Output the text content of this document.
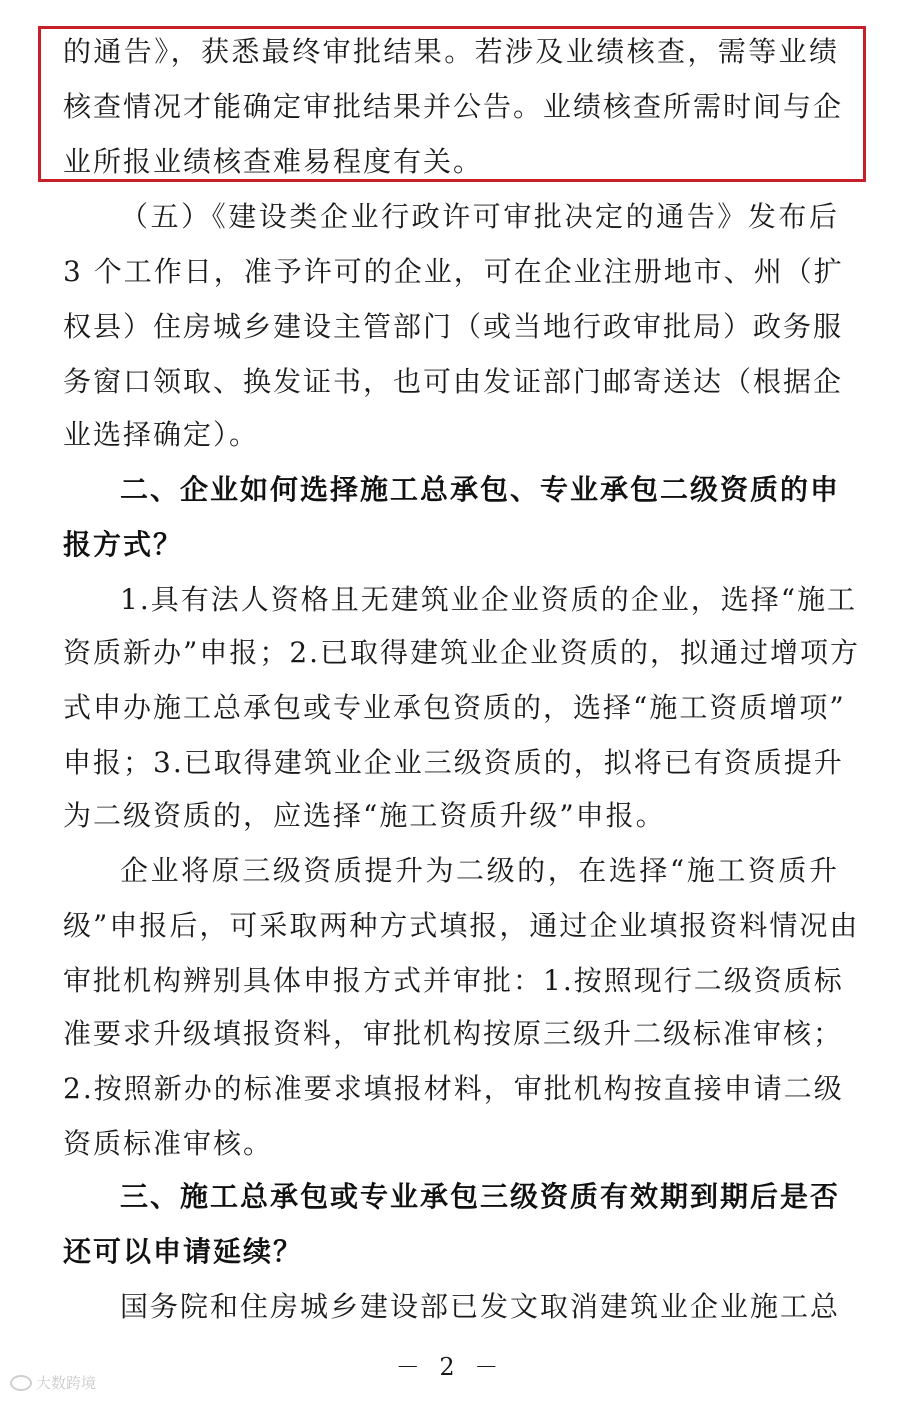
的通告》，获悉最终审批结果。若涉及业绩核查，需等业绩
核查情况才能确定审批结果并公告。业绩核查所需时间与企
业所报业绩核查难易程度有关。
（五）《建设类企业行政许可审批决定的通告》发布后
3 个工作日，准予许可的企业，可在企业注册地市、州（扩
权县）住房城乡建设主管部门（或当地行政审批局）政务服
务窗口领取、换发证书，也可由发证部门邮寄送达（根据企
业选择确定）。
二、企业如何选择施工总承包、专业承包二级资质的申
报方式？
1.具有法人资格且无建筑业企业资质的企业，选择“施工
资质新办”申报；2.已取得建筑业企业资质的，拟通过增项方
式申办施工总承包或专业承包资质的，选择“施工资质增项”
申报；3.已取得建筑业企业三级资质的，拟将已有资质提升
为二级资质的，应选择“施工资质升级”申报。
企业将原三级资质提升为二级的，在选择“施工资质升
级”申报后，可采取两种方式填报，通过企业填报资料情况由
审批机构辨别具体申报方式并审批：1.按照现行二级资质标
准要求升级填报资料，审批机构按原三级升二级标准审核；
2.按照新办的标准要求填报材料，审批机构按直接申请二级
资质标准审核。
三、施工总承包或专业承包三级资质有效期到期后是否
还可以申请延续？
国务院和住房城乡建设部已发文取消建筑业企业施工总
－ 2 －
大数跨境
